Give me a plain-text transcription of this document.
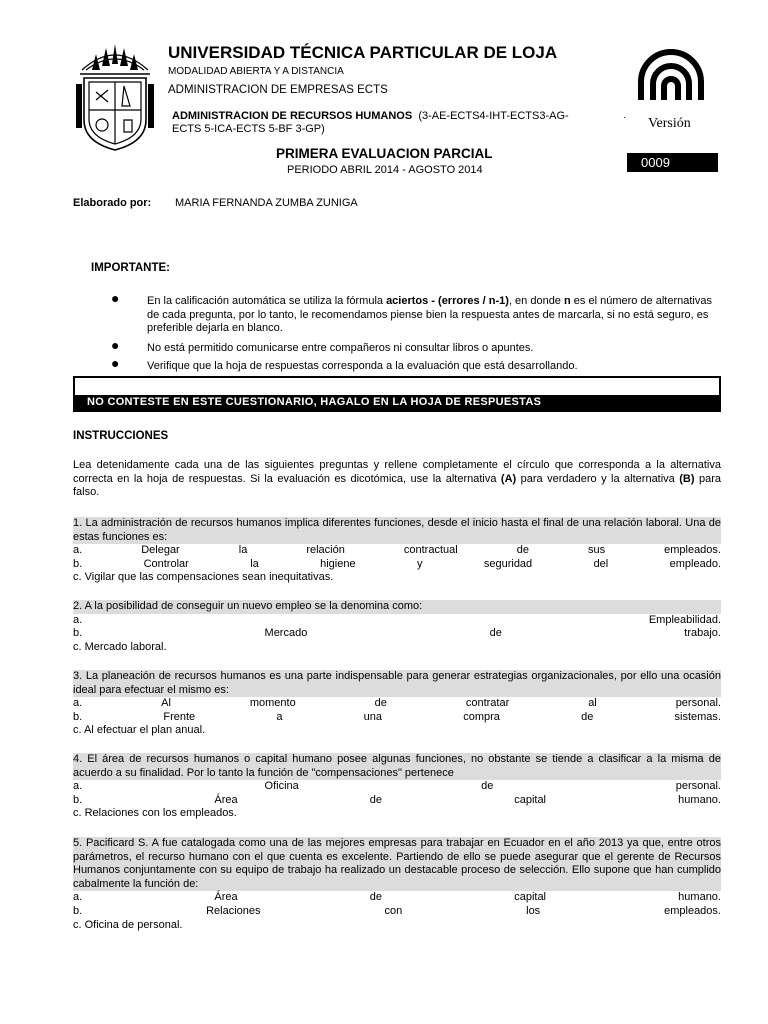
UNIVERSIDAD TÉCNICA PARTICULAR DE LOJA
MODALIDAD ABIERTA Y A DISTANCIA
ADMINISTRACION DE EMPRESAS ECTS
ADMINISTRACION DE RECURSOS HUMANOS (3-AE-ECTS4-IHT-ECTS3-AG-
ECTS 5-ICA-ECTS 5-BF 3-GP)
· Versión
PRIMERA EVALUACION PARCIAL
PERIODO ABRIL 2014 - AGOSTO 2014	0009
Elaborado por: MARIA FERNANDA ZUMBA ZUNIGA
IMPORTANTE:
●	En la calificación automática se utiliza la fórmula aciertos - (errores / n-1), en donde n es el número de alternativas de cada pregunta, por lo tanto, le recomendamos piense bien la respuesta antes de marcarla, si no está seguro, es preferible dejarla en blanco.
●	No está permitido comunicarse entre compañeros ni consultar libros o apuntes.
●	Verifique que la hoja de respuestas corresponda a la evaluación que está desarrollando.
NO CONTESTE EN ESTE CUESTIONARIO, HAGALO EN LA HOJA DE RESPUESTAS
INSTRUCCIONES
Lea detenidamente cada una de las siguientes preguntas y rellene completamente el círculo que corresponda a la alternativa correcta en la hoja de respuestas. Si la evaluación es dicotómica, use la alternativa (A) para verdadero y la alternativa (B) para falso.
1. La administración de recursos humanos implica diferentes funciones, desde el inicio hasta el final de una relación laboral. Una de estas funciones es:
a.	Delegar	la	relación	contractual	de	sus	empleados.
b.	Controlar	la	higiene	y	seguridad	del	empleado.
c. Vigilar que las compensaciones sean inequitativas.
2. A la posibilidad de conseguir un nuevo empleo se la denomina como:
a.	Empleabilidad.
b.	Mercado	de	trabajo.
c. Mercado laboral.
3. La planeación de recursos humanos es una parte indispensable para generar estrategias organizacionales, por ello una ocasión ideal para efectuar el mismo es:
a.	Al	momento	de	contratar	al	personal.
b.	Frente	a	una	compra	de	sistemas.
c. Al efectuar el plan anual.
4. El área de recursos humanos o capital humano posee algunas funciones, no obstante se tiende a clasificar a la misma de acuerdo a su finalidad. Por lo tanto la función de "compensaciones" pertenece
a.	Oficina	de	personal.
b.	Área	de	capital	humano.
c. Relaciones con los empleados.
5. Pacificard S. A fue catalogada como una de las mejores empresas para trabajar en Ecuador en el año 2013 ya que, entre otros parámetros, el recurso humano con el que cuenta es excelente. Partiendo de ello se puede asegurar que el gerente de Recursos Humanos conjuntamente con su equipo de trabajo ha realizado un destacable proceso de selección. Ello supone que han cumplido cabalmente la función de:
a.	Área	de	capital	humano.
b.	Relaciones	con	los	empleados.
c. Oficina de personal.
